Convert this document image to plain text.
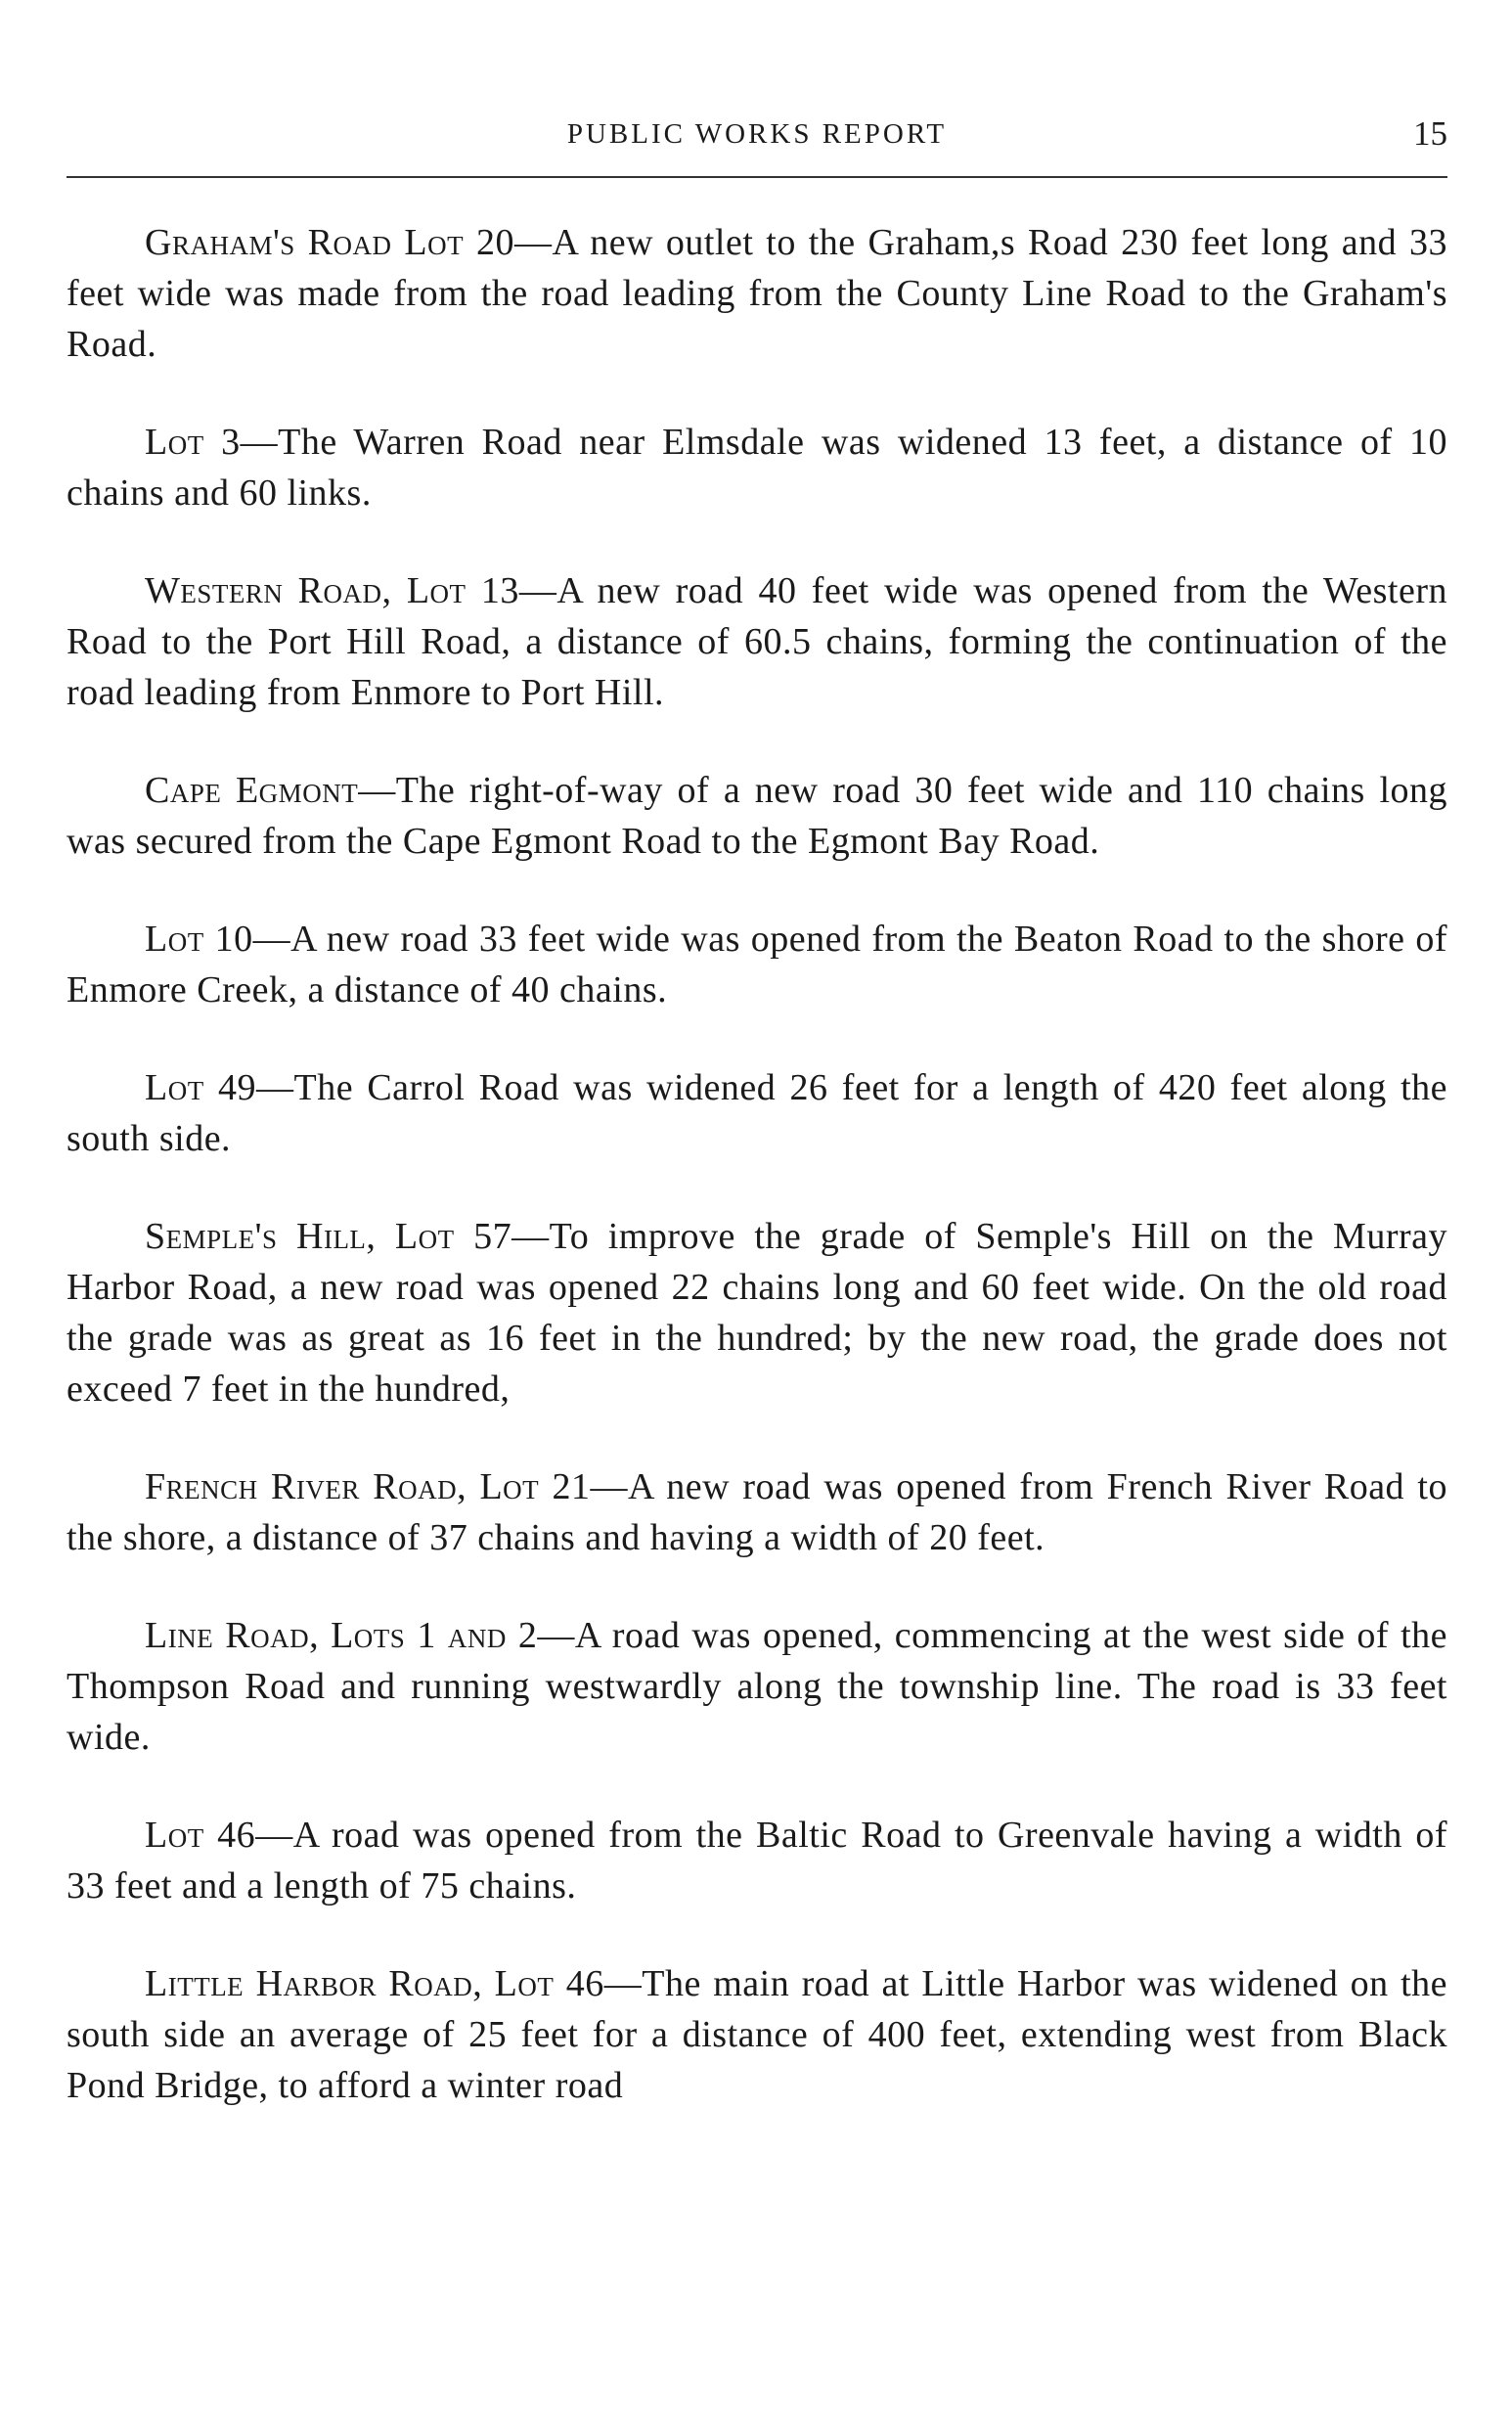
PUBLIC WORKS REPORT	15

Graham's Road Lot 20—A new outlet to the Graham,s Road 230 feet long and 33 feet wide was made from the road leading from the County Line Road to the Graham's Road.

Lot 3—The Warren Road near Elmsdale was widened 13 feet, a distance of 10 chains and 60 links.

Western Road, Lot 13—A new road 40 feet wide was opened from the Western Road to the Port Hill Road, a distance of 60.5 chains, forming the continuation of the road leading from Enmore to Port Hill.

Cape Egmont—The right-of-way of a new road 30 feet wide and 110 chains long was secured from the Cape Egmont Road to the Egmont Bay Road.

Lot 10—A new road 33 feet wide was opened from the Beaton Road to the shore of Enmore Creek, a distance of 40 chains.

Lot 49—The Carrol Road was widened 26 feet for a length of 420 feet along the south side.

Semple's Hill, Lot 57—To improve the grade of Semple's Hill on the Murray Harbor Road, a new road was opened 22 chains long and 60 feet wide. On the old road the grade was as great as 16 feet in the hundred; by the new road, the grade does not exceed 7 feet in the hundred,

French River Road, Lot 21—A new road was opened from French River Road to the shore, a distance of 37 chains and having a width of 20 feet.

Line Road, Lots 1 and 2—A road was opened, commencing at the west side of the Thompson Road and running westwardly along the township line. The road is 33 feet wide.

Lot 46—A road was opened from the Baltic Road to Greenvale having a width of 33 feet and a length of 75 chains.

Little Harbor Road, Lot 46—The main road at Little Harbor was widened on the south side an average of 25 feet for a distance of 400 feet, extending west from Black Pond Bridge, to afford a winter road
